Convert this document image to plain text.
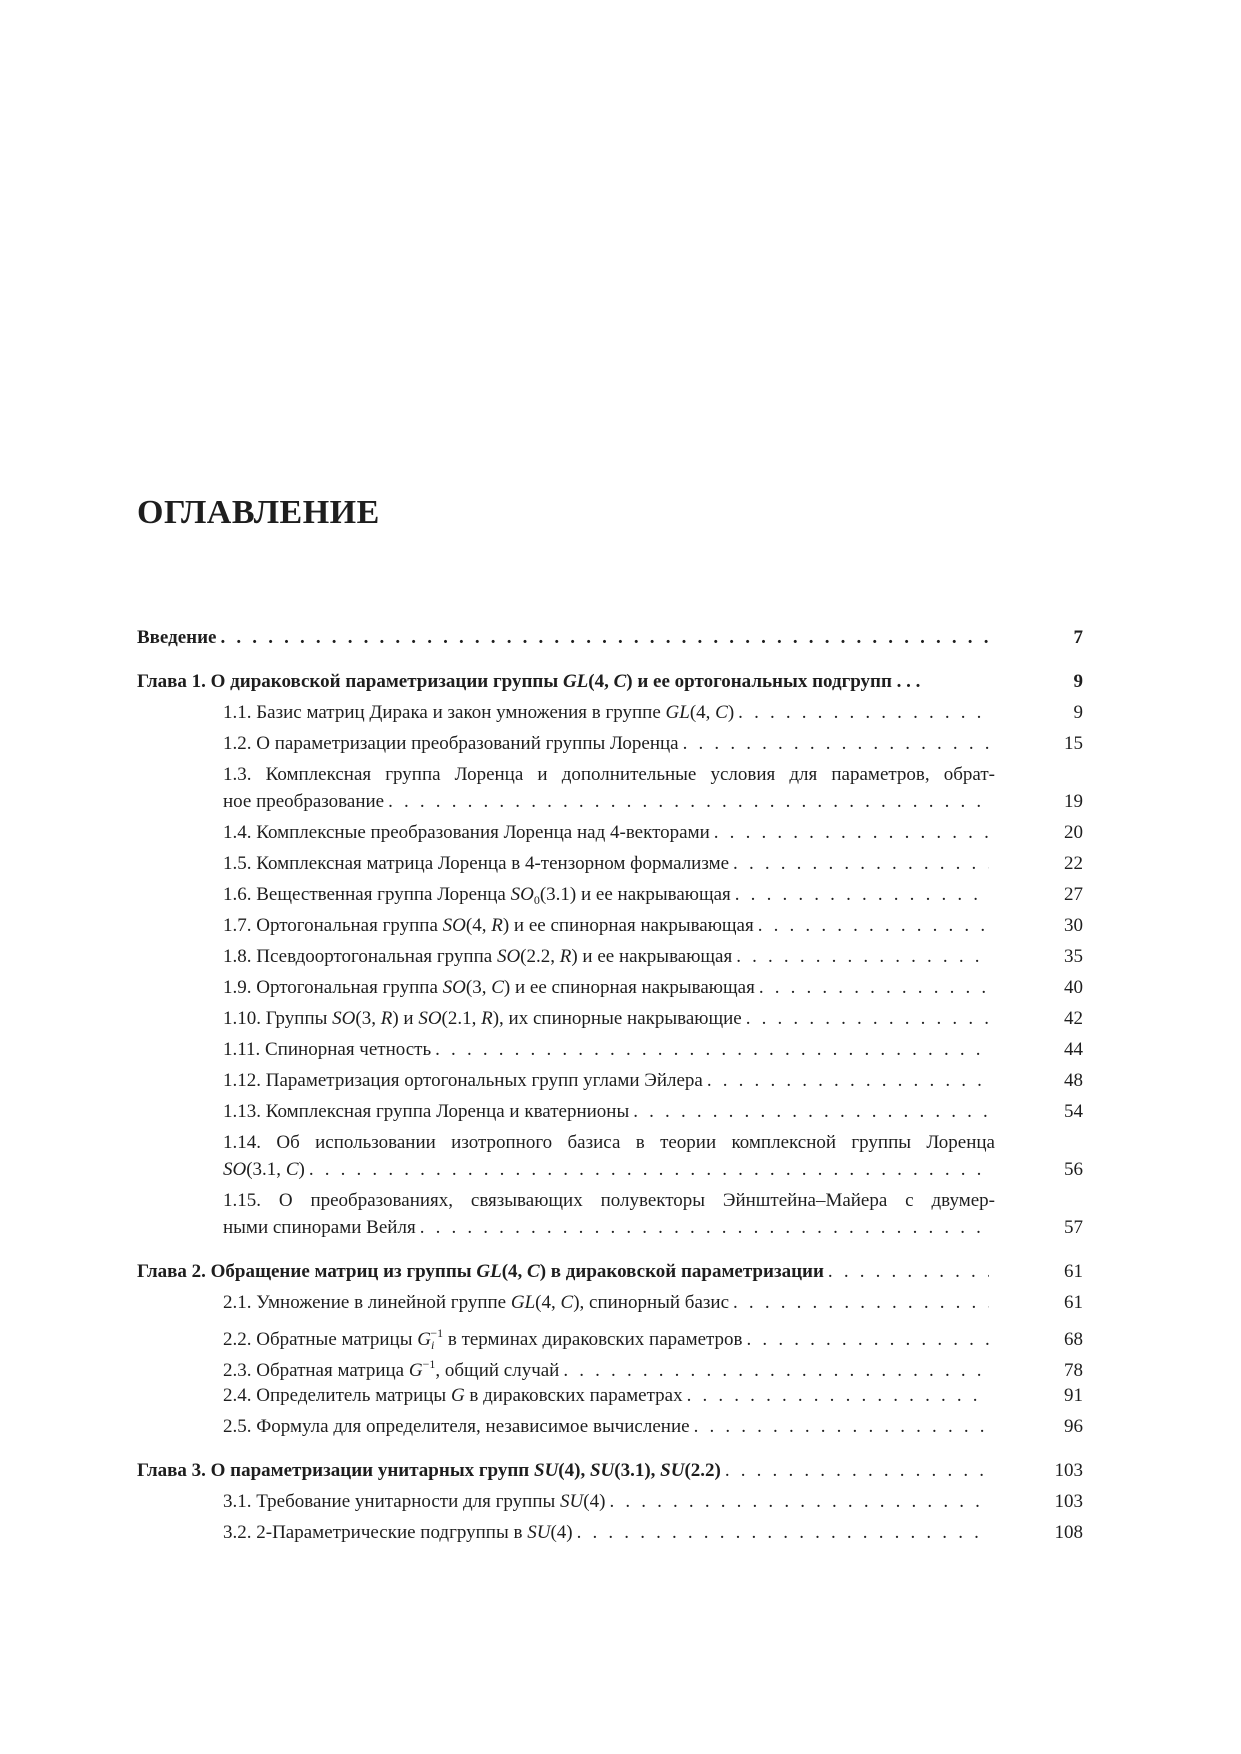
ОГЛАВЛЕНИЕ
Введение . . .	7
Глава 1. О дираковской параметризации группы GL(4, C) и ее ортогональных подгрупп . . .	9
1.1. Базис матриц Дирака и закон умножения в группе GL(4, C) . . .	9
1.2. О параметризации преобразований группы Лоренца . . .	15
1.3. Комплексная группа Лоренца и дополнительные условия для параметров, обрат-
ное преобразование . . .	19
1.4. Комплексные преобразования Лоренца над 4-векторами . . .	20
1.5. Комплексная матрица Лоренца в 4-тензорном формализме . . .	22
1.6. Вещественная группа Лоренца $SO_0(3.1)$ и ее накрывающая . . .	27
1.7. Ортогональная группа SO(4, R) и ее спинорная накрывающая . . .	30
1.8. Псевдоортогональная группа SO(2.2, R) и ее накрывающая . . .	35
1.9. Ортогональная группа SO(3, C) и ее спинорная накрывающая . . .	40
1.10. Группы SO(3, R) и SO(2.1, R), их спинорные накрывающие . . .	42
1.11. Спинорная четность . . .	44
1.12. Параметризация ортогональных групп углами Эйлера . . .	48
1.13. Комплексная группа Лоренца и кватернионы . . .	54
1.14. Об использовании изотропного базиса в теории комплексной группы Лоренца
SO(3.1, C) . . .	56
1.15. О преобразованиях, связывающих полувекторы Эйнштейна–Майера с двумер-
ными спинорами Вейля . . .	57
Глава 2. Обращение матриц из группы GL(4, C) в дираковской параметризации . . .	61
2.1. Умножение в линейной группе GL(4, C), спинорный базис . . .	61
2.2. Обратные матрицы $G_i^{-1}$ в терминах дираковских параметров . . .	68
2.3. Обратная матрица $G^{-1}$, общий случай . . .	78
2.4. Определитель матрицы G в дираковских параметрах . . .	91
2.5. Формула для определителя, независимое вычисление . . .	96
Глава 3. О параметризации унитарных групп SU(4), SU(3.1), SU(2.2) . . .	103
3.1. Требование унитарности для группы SU(4) . . .	103
3.2. 2-Параметрические подгруппы в SU(4) . . .	108
